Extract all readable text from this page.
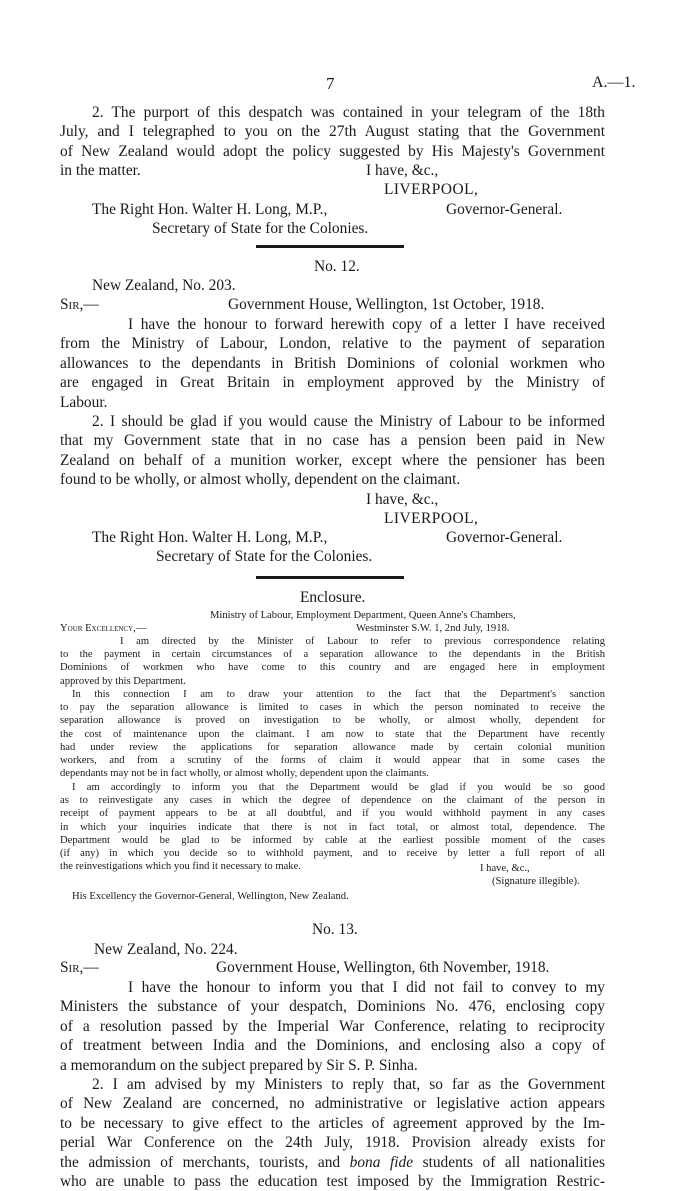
7	A.—1.
2. The purport of this despatch was contained in your telegram of the 18th
July, and I telegraphed to you on the 27th August stating that the Government
of New Zealand would adopt the policy suggested by His Majesty's Government
in the matter.	I have, &c.,
LIVERPOOL,
The Right Hon. Walter H. Long, M.P.,	Governor-General.
Secretary of State for the Colonies.
No. 12.
New Zealand, No. 203.
Sir,—	Government House, Wellington, 1st October, 1918.
I have the honour to forward herewith copy of a letter I have received
from the Ministry of Labour, London, relative to the payment of separation
allowances to the dependants in British Dominions of colonial workmen who
are engaged in Great Britain in employment approved by the Ministry of
Labour.
2. I should be glad if you would cause the Ministry of Labour to be informed
that my Government state that in no case has a pension been paid in New
Zealand on behalf of a munition worker, except where the pensioner has been
found to be wholly, or almost wholly, dependent on the claimant.
I have, &c.,
LIVERPOOL,
The Right Hon. Walter H. Long, M.P.,	Governor-General.
Secretary of State for the Colonies.
Enclosure.
Ministry of Labour, Employment Department, Queen Anne's Chambers,
Your Excellency,—	Westminster S.W. 1, 2nd July, 1918.
I am directed by the Minister of Labour to refer to previous correspondence relating
to the payment in certain circumstances of a separation allowance to the dependants in the British
Dominions of workmen who have come to this country and are engaged here in employment
approved by this Department.
In this connection I am to draw your attention to the fact that the Department's sanction
to pay the separation allowance is limited to cases in which the person nominated to receive the
separation allowance is proved on investigation to be wholly, or almost wholly, dependent for
the cost of maintenance upon the claimant. I am now to state that the Department have recently
had under review the applications for separation allowance made by certain colonial munition
workers, and from a scrutiny of the forms of claim it would appear that in some cases the
dependants may not be in fact wholly, or almost wholly, dependent upon the claimants.
I am accordingly to inform you that the Department would be glad if you would be so good
as to reinvestigate any cases in which the degree of dependence on the claimant of the person in
receipt of payment appears to be at all doubtful, and if you would withhold payment in any cases
in which your inquiries indicate that there is not in fact total, or almost total, dependence. The
Department would be glad to be informed by cable at the earliest possible moment of the cases
(if any) in which you decide so to withhold payment, and to receive by letter a full report of all
the reinvestigations which you find it necessary to make.	I have, &c.,
(Signature illegible).
His Excellency the Governor-General, Wellington, New Zealand.
No. 13.
New Zealand, No. 224.
Sir,—	Government House, Wellington, 6th November, 1918.
I have the honour to inform you that I did not fail to convey to my
Ministers the substance of your despatch, Dominions No. 476, enclosing copy
of a resolution passed by the Imperial War Conference, relating to reciprocity
of treatment between India and the Dominions, and enclosing also a copy of
a memorandum on the subject prepared by Sir S. P. Sinha.
2. I am advised by my Ministers to reply that, so far as the Government
of New Zealand are concerned, no administrative or legislative action appears
to be necessary to give effect to the articles of agreement approved by the Im-
perial War Conference on the 24th July, 1918. Provision already exists for
the admission of merchants, tourists, and bona fide students of all nationalities
who are unable to pass the education test imposed by the Immigration Restric-
